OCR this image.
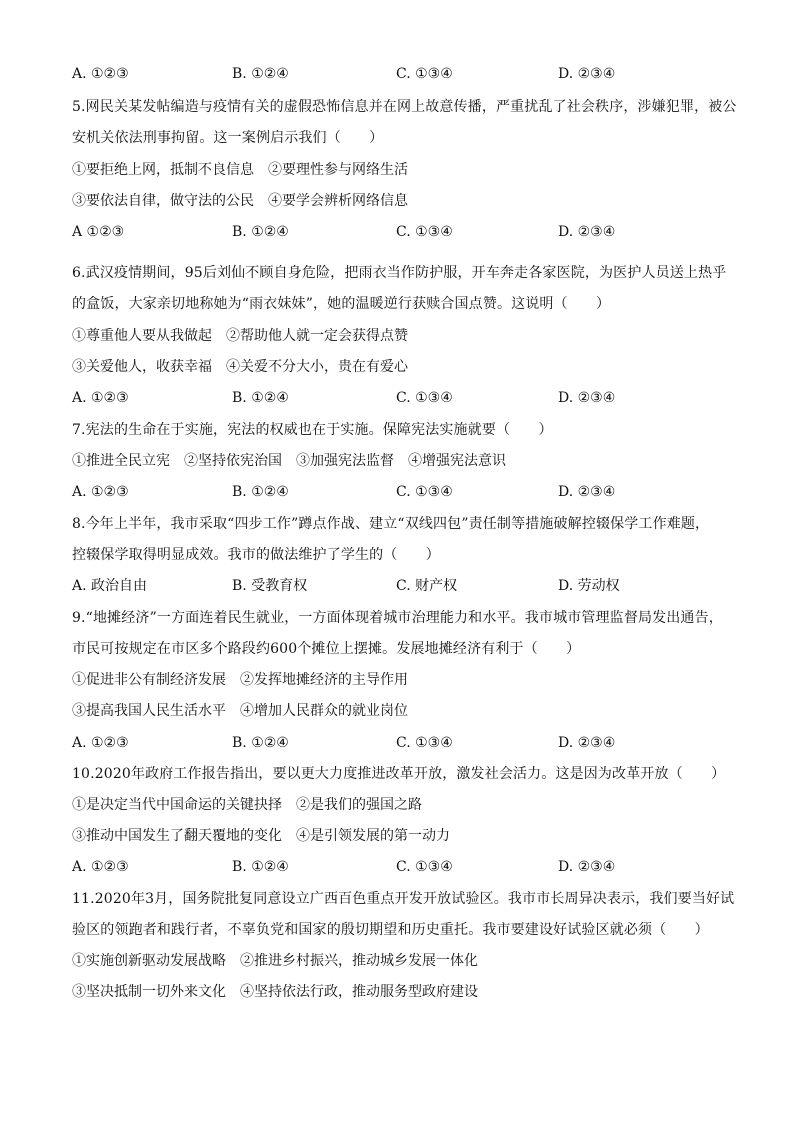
A. ①②③	B. ①②④	C. ①③④	D. ②③④
5.网民关某发帖编造与疫情有关的虚假恐怖信息并在网上故意传播，严重扰乱了社会秩序，涉嫌犯罪，被公
安机关依法刑事拘留。这一案例启示我们（　　）
①要拒绝上网，抵制不良信息　②要理性参与网络生活
③要依法自律，做守法的公民　④要学会辨析网络信息
A ①②③	B. ①②④	C. ①③④	D. ②③④
6.武汉疫情期间，95后刘仙不顾自身危险，把雨衣当作防护服，开车奔走各家医院，为医护人员送上热乎
的盒饭，大家亲切地称她为“雨衣妹妹”，她的温暖逆行获赎合国点赞。这说明（　　）
①尊重他人要从我做起　②帮助他人就一定会获得点赞
③关爱他人，收获幸福　④关爱不分大小，贵在有爱心
A. ①②③	B. ①②④	C. ①③④	D. ②③④
7.宪法的生命在于实施，宪法的权威也在于实施。保障宪法实施就要（　　）
①推进全民立宪　②坚持依宪治国　③加强宪法监督　④增强宪法意识
A. ①②③	B. ①②④	C. ①③④	D. ②③④
8.今年上半年，我市采取“四步工作”蹲点作战、建立“双线四包”责任制等措施破解控辍保学工作难题，
控辍保学取得明显成效。我市的做法维护了学生的（　　）
A. 政治自由	B. 受教育权	C. 财产权	D. 劳动权
9.“地摊经济”一方面连着民生就业，一方面体现着城市治理能力和水平。我市城市管理监督局发出通告，
市民可按规定在市区多个路段约600个摊位上摆摊。发展地摊经济有利于（　　）
①促进非公有制经济发展　②发挥地摊经济的主导作用
③提高我国人民生活水平　④增加人民群众的就业岗位
A. ①②③	B. ①②④	C. ①③④	D. ②③④
10.2020年政府工作报告指出，要以更大力度推进改革开放，激发社会活力。这是因为改革开放（　　）
①是决定当代中国命运的关键抉择　②是我们的强国之路
③推动中国发生了翻天覆地的变化　④是引领发展的第一动力
A. ①②③	B. ①②④	C. ①③④	D. ②③④
11.2020年3月，国务院批复同意设立广西百色重点开发开放试验区。我市市长周异决表示，我们要当好试
验区的领跑者和践行者，不辜负党和国家的殷切期望和历史重托。我市要建设好试验区就必须（　　）
①实施创新驱动发展战略　②推进乡村振兴，推动城乡发展一体化
③坚决抵制一切外来文化　④坚持依法行政，推动服务型政府建设
